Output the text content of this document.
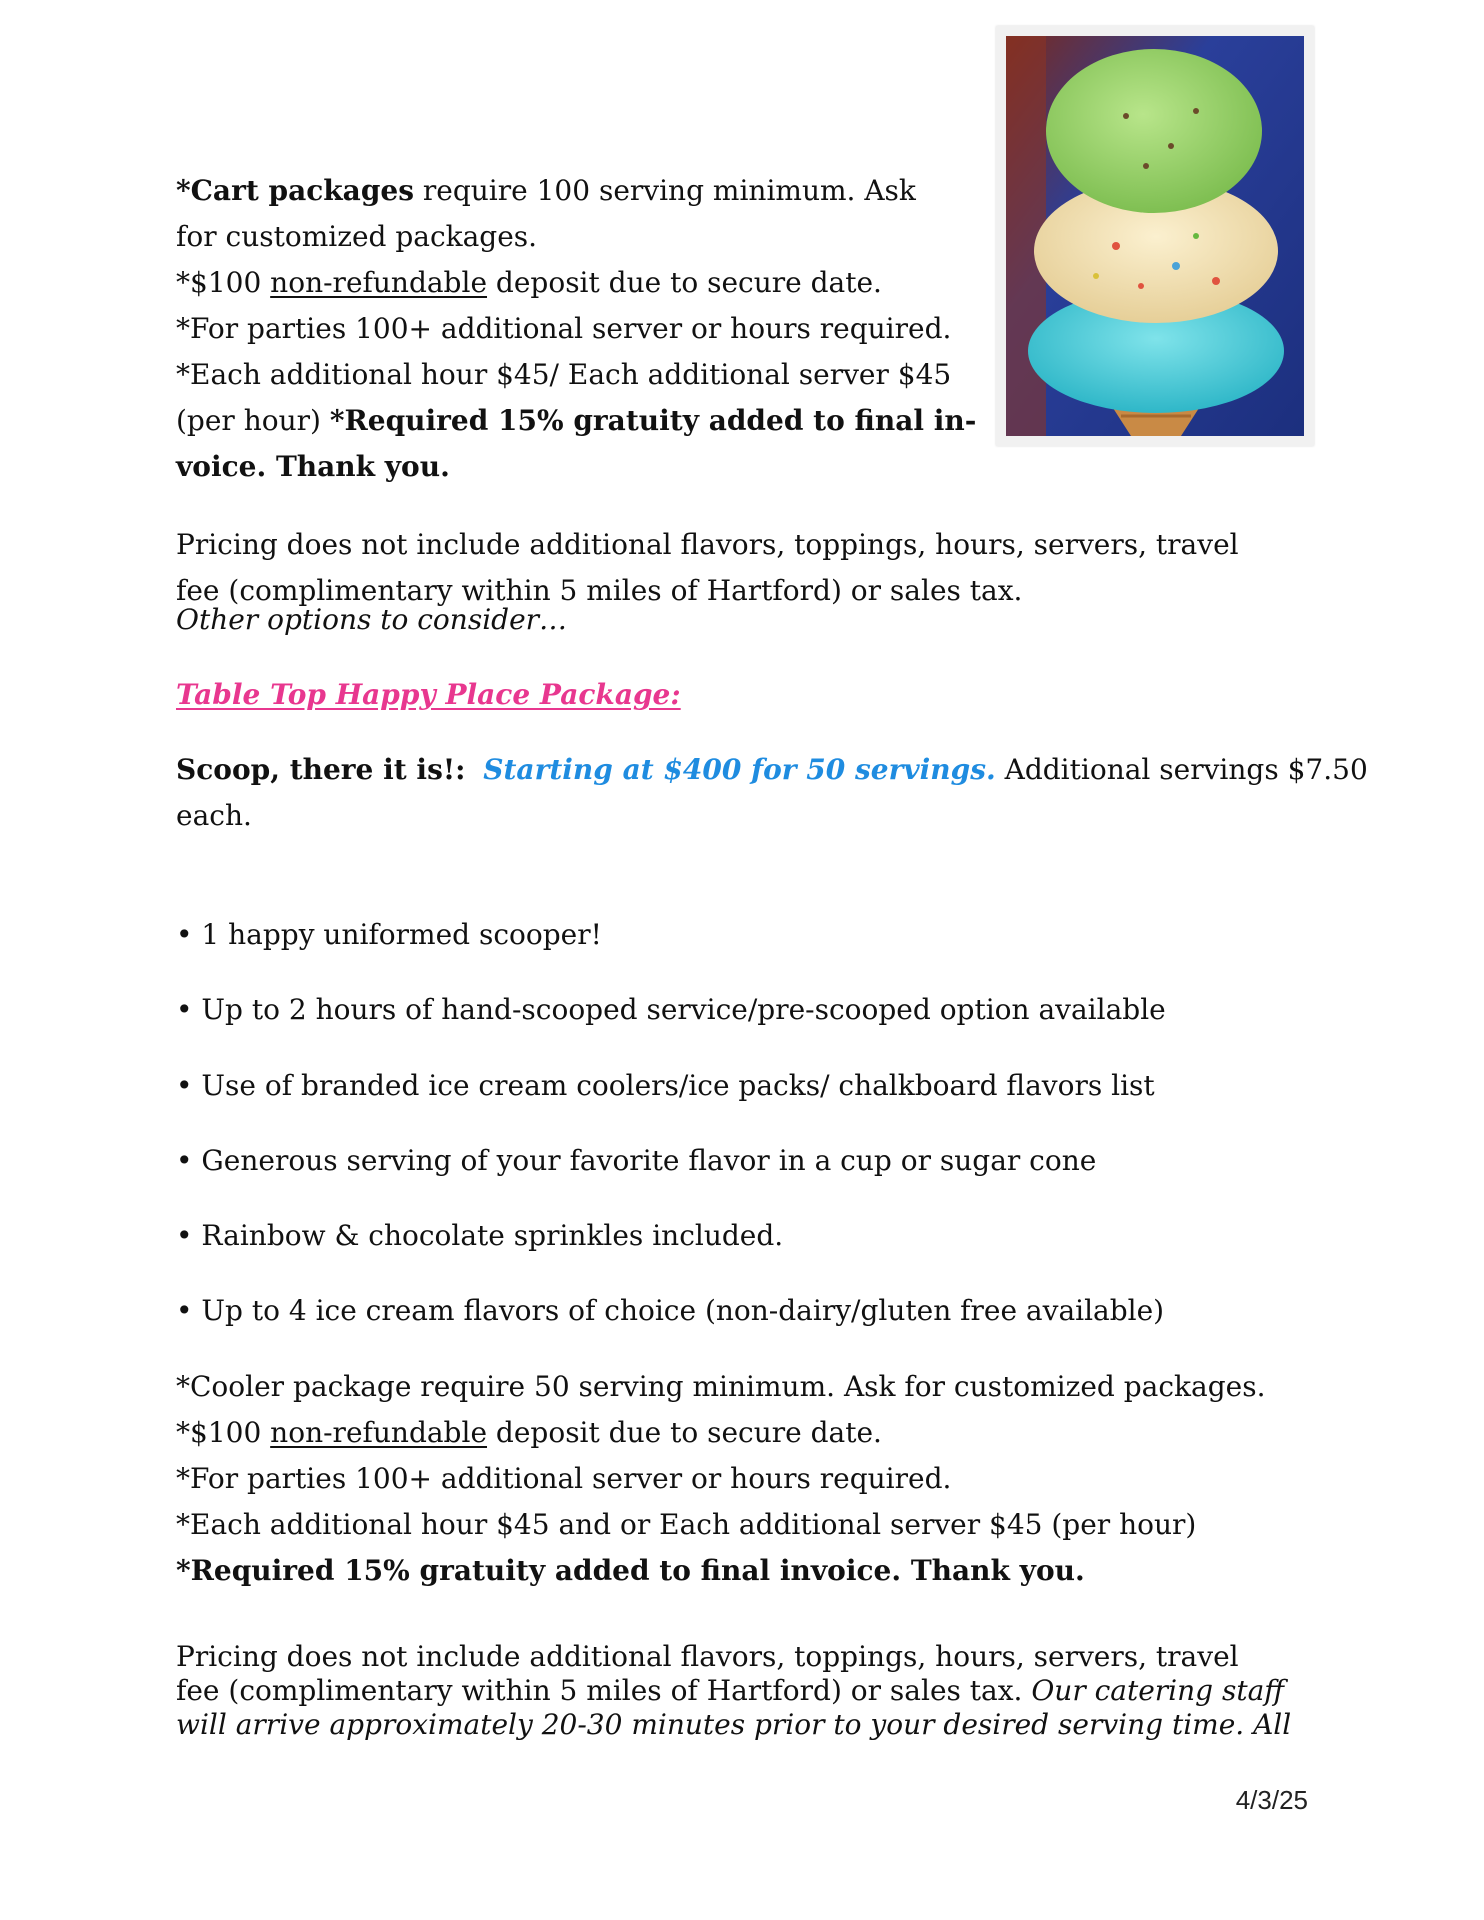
*Cart packages require 100 serving minimum. Ask
for customized packages.
*$100 non-refundable deposit due to secure date.
*For parties 100+ additional server or hours required.
*Each additional hour $45/ Each additional server $45
(per hour) *Required 15% gratuity added to final in-
voice. Thank you.
Pricing does not include additional flavors, toppings, hours, servers, travel
fee (complimentary within 5 miles of Hartford) or sales tax.
Other options to consider…
Table Top Happy Place Package:
Scoop, there it is!: Starting at $400 for 50 servings. Additional servings $7.50
each.
• 1 happy uniformed scooper!
• Up to 2 hours of hand-scooped service/pre-scooped option available
• Use of branded ice cream coolers/ice packs/ chalkboard flavors list
• Generous serving of your favorite flavor in a cup or sugar cone
• Rainbow & chocolate sprinkles included.
• Up to 4 ice cream flavors of choice (non-dairy/gluten free available)
*Cooler package require 50 serving minimum. Ask for customized packages.
*$100 non-refundable deposit due to secure date.
*For parties 100+ additional server or hours required.
*Each additional hour $45 and or Each additional server $45 (per hour)
*Required 15% gratuity added to final invoice. Thank you.
Pricing does not include additional flavors, toppings, hours, servers, travel
fee (complimentary within 5 miles of Hartford) or sales tax. Our catering staff
will arrive approximately 20-30 minutes prior to your desired serving time. All
4/3/25
